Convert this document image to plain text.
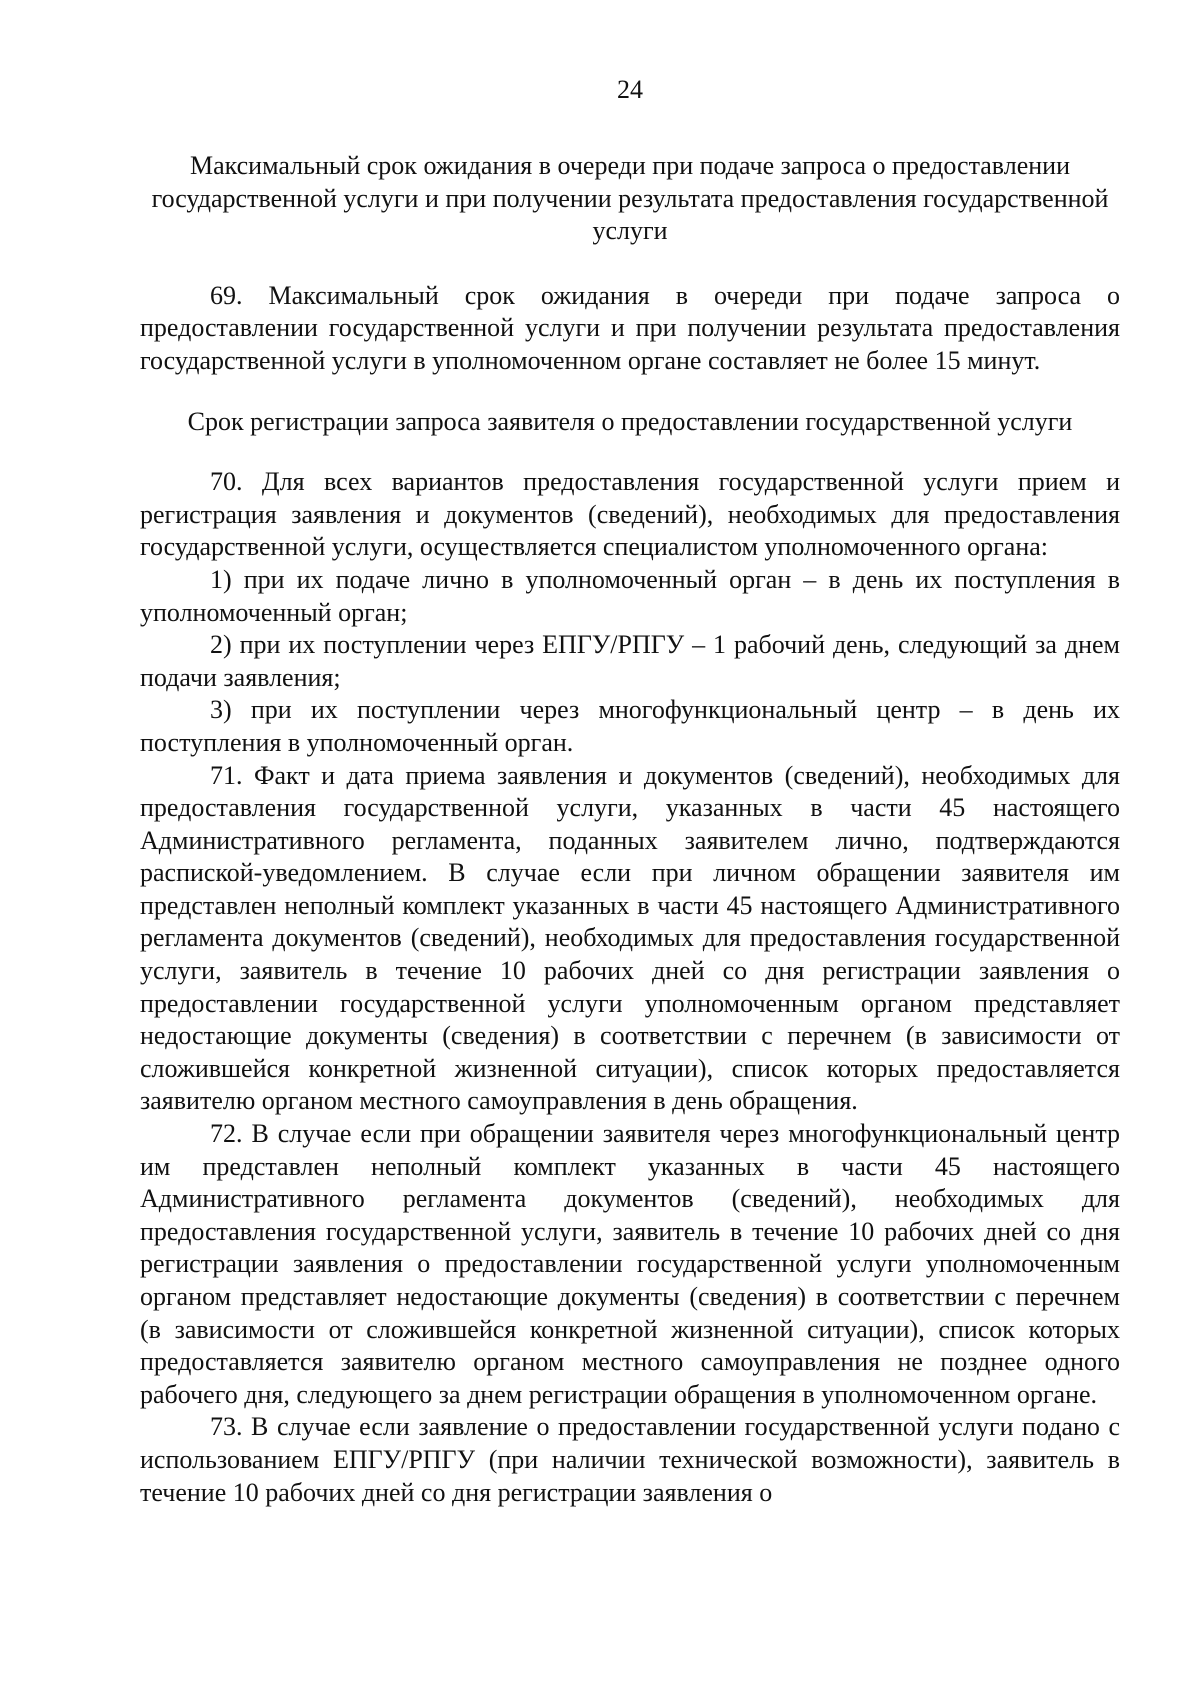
24

Максимальный срок ожидания в очереди при подаче запроса о предоставлении государственной услуги и при получении результата предоставления государственной услуги

69. Максимальный срок ожидания в очереди при подаче запроса о предоставлении государственной услуги и при получении результата предоставления государственной услуги в уполномоченном органе составляет не более 15 минут.

Срок регистрации запроса заявителя о предоставлении государственной услуги

70. Для всех вариантов предоставления государственной услуги прием и регистрация заявления и документов (сведений), необходимых для предоставления государственной услуги, осуществляется специалистом уполномоченного органа:

1) при их подаче лично в уполномоченный орган – в день их поступления в уполномоченный орган;

2) при их поступлении через ЕПГУ/РПГУ – 1 рабочий день, следующий за днем подачи заявления;

3) при их поступлении через многофункциональный центр – в день их поступления в уполномоченный орган.

71. Факт и дата приема заявления и документов (сведений), необходимых для предоставления государственной услуги, указанных в части 45 настоящего Административного регламента, поданных заявителем лично, подтверждаются распиской-уведомлением. В случае если при личном обращении заявителя им представлен неполный комплект указанных в части 45 настоящего Административного регламента документов (сведений), необходимых для предоставления государственной услуги, заявитель в течение 10 рабочих дней со дня регистрации заявления о предоставлении государственной услуги уполномоченным органом представляет недостающие документы (сведения) в соответствии с перечнем (в зависимости от сложившейся конкретной жизненной ситуации), список которых предоставляется заявителю органом местного самоуправления в день обращения.

72. В случае если при обращении заявителя через многофункциональный центр им представлен неполный комплект указанных в части 45 настоящего Административного регламента документов (сведений), необходимых для предоставления государственной услуги, заявитель в течение 10 рабочих дней со дня регистрации заявления о предоставлении государственной услуги уполномоченным органом представляет недостающие документы (сведения) в соответствии с перечнем (в зависимости от сложившейся конкретной жизненной ситуации), список которых предоставляется заявителю органом местного самоуправления не позднее одного рабочего дня, следующего за днем регистрации обращения в уполномоченном органе.

73. В случае если заявление о предоставлении государственной услуги подано с использованием ЕПГУ/РПГУ (при наличии технической возможности), заявитель в течение 10 рабочих дней со дня регистрации заявления о
